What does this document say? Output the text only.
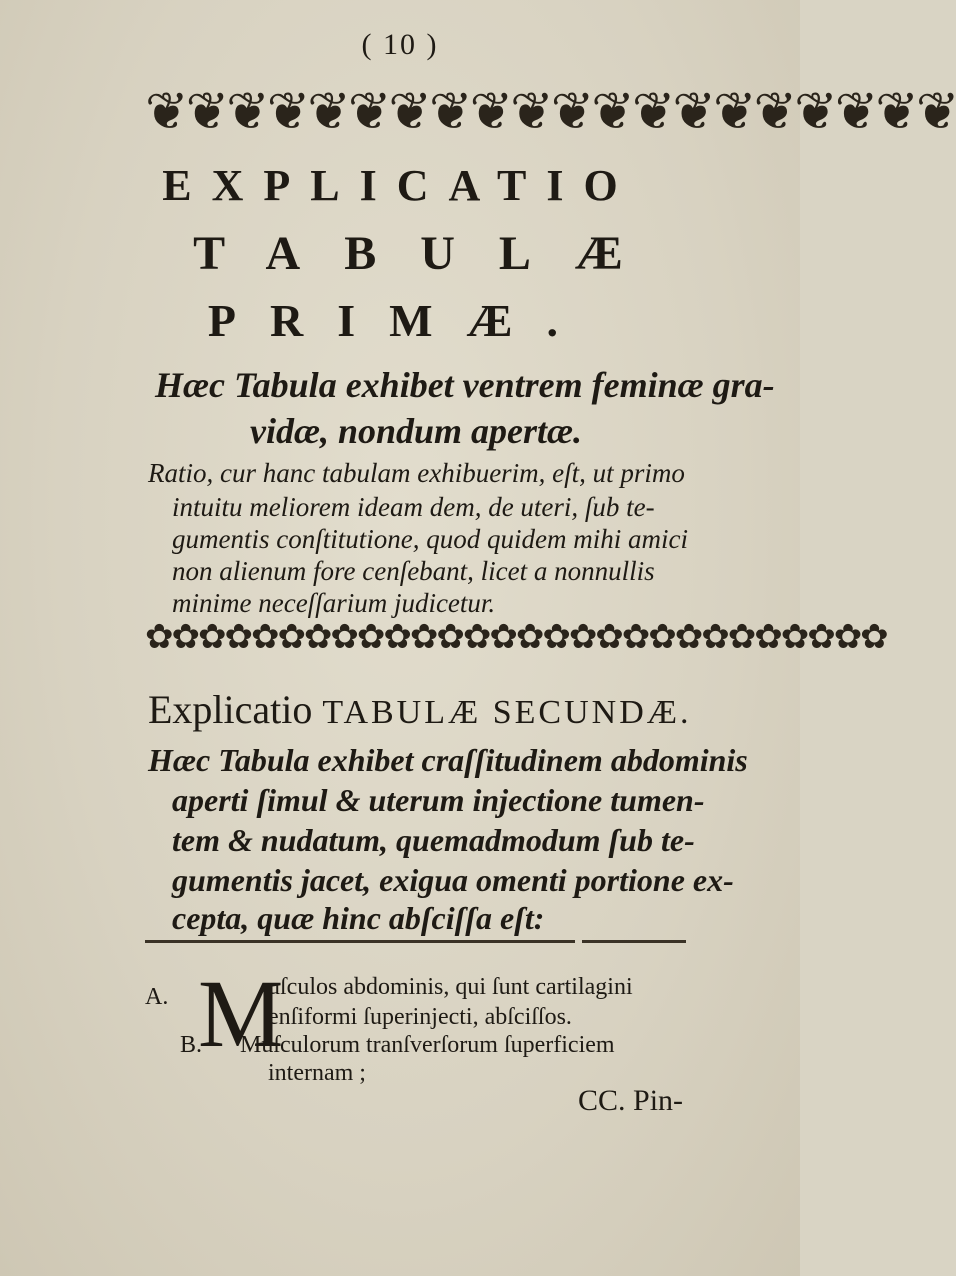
( 10 )
❦❦❦❦❦❦❦❦❦❦❦❦❦❦❦❦❦❦❦❦
EXPLICATIO
TABULÆ
PRIMÆ.
Hæc Tabula exhibet ventrem feminæ gra-
vidæ, nondum apertæ.
Ratio, cur hanc tabulam exhibuerim, eſt, ut primo
intuitu meliorem ideam dem, de uteri, ſub te-
gumentis conſtitutione, quod quidem mihi amici
non alienum fore cenſebant, licet a nonnullis
minime neceſſarium judicetur.
✿✿✿✿✿✿✿✿✿✿✿✿✿✿✿✿✿✿✿✿✿✿✿✿✿✿✿✿
Explicatio TABULÆ SECUNDÆ.
Hæc Tabula exhibet craſſitudinem abdominis
aperti ſimul & uterum injectione tumen-
tem & nudatum, quemadmodum ſub te-
gumentis jacet, exigua omenti portione ex-
cepta, quæ hinc abſciſſa eſt:
A. M
uſculos abdominis, qui ſunt cartilagini
enſiformi ſuperinjecti, abſciſſos.
B. Muſculorum tranſverſorum ſuperficiem
internam ;
CC. Pin-
